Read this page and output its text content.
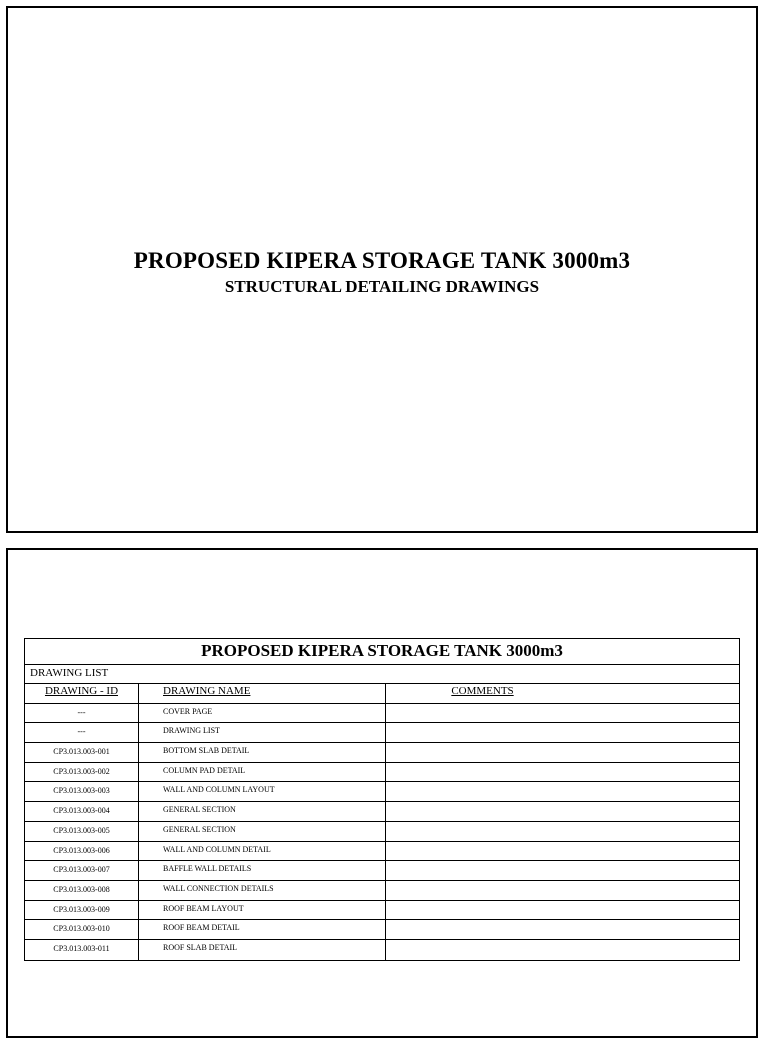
PROPOSED KIPERA STORAGE TANK 3000m3
STRUCTURAL DETAILING DRAWINGS
PROPOSED KIPERA STORAGE TANK 3000m3
DRAWING LIST
DRAWING - ID	DRAWING NAME	COMMENTS
---	COVER PAGE
---	DRAWING LIST
CP3.013.003-001	BOTTOM SLAB DETAIL
CP3.013.003-002	COLUMN PAD DETAIL
CP3.013.003-003	WALL AND COLUMN LAYOUT
CP3.013.003-004	GENERAL SECTION
CP3.013.003-005	GENERAL SECTION
CP3.013.003-006	WALL AND COLUMN DETAIL
CP3.013.003-007	BAFFLE WALL DETAILS
CP3.013.003-008	WALL CONNECTION DETAILS
CP3.013.003-009	ROOF BEAM LAYOUT
CP3.013.003-010	ROOF BEAM DETAIL
CP3.013.003-011	ROOF SLAB DETAIL
